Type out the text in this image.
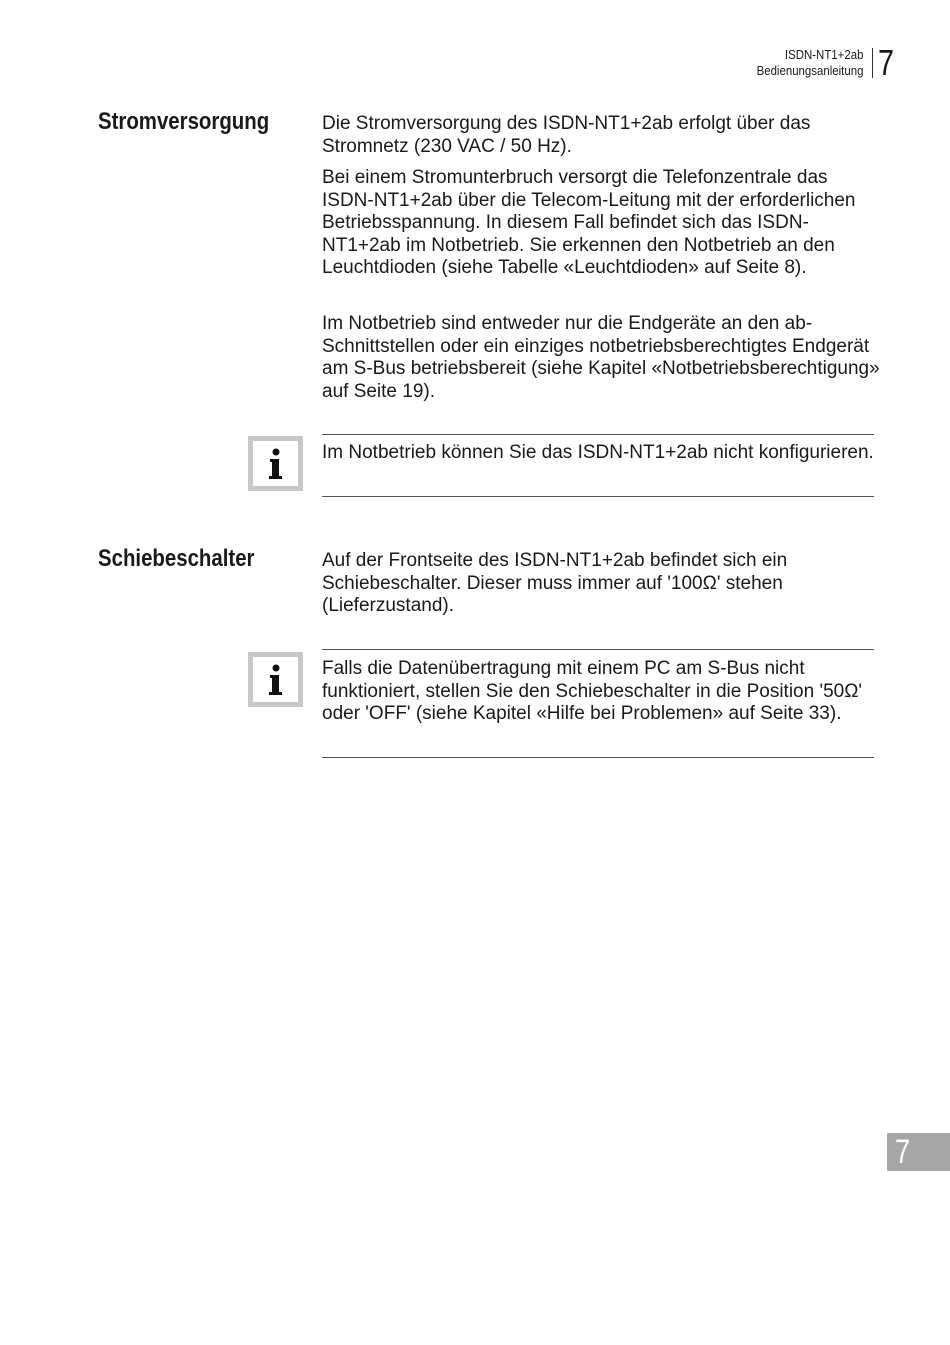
ISDN-NT1+2ab
Bedienungsanleitung 7
Stromversorgung	Die Stromversorgung des ISDN-NT1+2ab erfolgt über das Stromnetz (230 VAC / 50 Hz).

Bei einem Stromunterbruch versorgt die Telefonzentrale das ISDN-NT1+2ab über die Telecom-Leitung mit der erforderlichen Betriebsspannung. In diesem Fall befindet sich das ISDN-NT1+2ab im Notbetrieb. Sie erkennen den Notbetrieb an den Leuchtdioden (siehe Tabelle «Leuchtdioden» auf Seite 8).

Im Notbetrieb sind entweder nur die Endgeräte an den ab-Schnittstellen oder ein einziges notbetriebsberechtigtes Endgerät am S-Bus betriebsbereit (siehe Kapitel «Notbetriebsberechtigung» auf Seite 19).

Im Notbetrieb können Sie das ISDN-NT1+2ab nicht konfigurieren.

Schiebeschalter	Auf der Frontseite des ISDN-NT1+2ab befindet sich ein Schiebeschalter. Dieser muss immer auf '100Ω' stehen (Lieferzustand).

Falls die Datenübertragung mit einem PC am S-Bus nicht funktioniert, stellen Sie den Schiebeschalter in die Position '50Ω' oder 'OFF' (siehe Kapitel «Hilfe bei Problemen» auf Seite 33).

7
